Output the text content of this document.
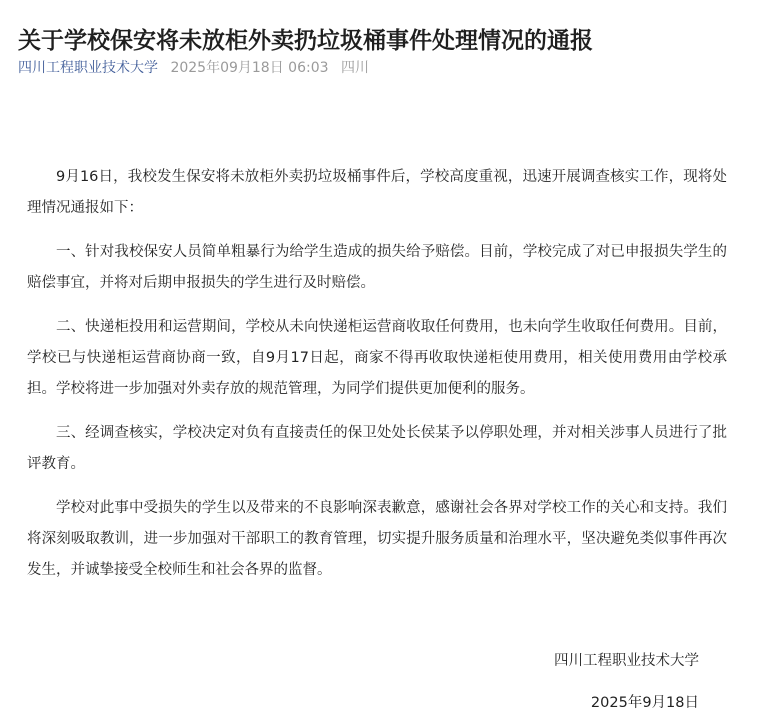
关于学校保安将未放柜外卖扔垃圾桶事件处理情况的通报
四川工程职业技术大学 2025年09月18日 06:03 四川

9月16日，我校发生保安将未放柜外卖扔垃圾桶事件后，学校高度重视，迅速开展调查核实工作，现将处理情况通报如下：

一、针对我校保安人员简单粗暴行为给学生造成的损失给予赔偿。目前，学校完成了对已申报损失学生的赔偿事宜，并将对后期申报损失的学生进行及时赔偿。

二、快递柜投用和运营期间，学校从未向快递柜运营商收取任何费用，也未向学生收取任何费用。目前，学校已与快递柜运营商协商一致，自9月17日起，商家不得再收取快递柜使用费用，相关使用费用由学校承担。学校将进一步加强对外卖存放的规范管理，为同学们提供更加便利的服务。

三、经调查核实，学校决定对负有直接责任的保卫处处长侯某予以停职处理，并对相关涉事人员进行了批评教育。

学校对此事中受损失的学生以及带来的不良影响深表歉意，感谢社会各界对学校工作的关心和支持。我们将深刻吸取教训，进一步加强对干部职工的教育管理，切实提升服务质量和治理水平，坚决避免类似事件再次发生，并诚挚接受全校师生和社会各界的监督。

四川工程职业技术大学
2025年9月18日
